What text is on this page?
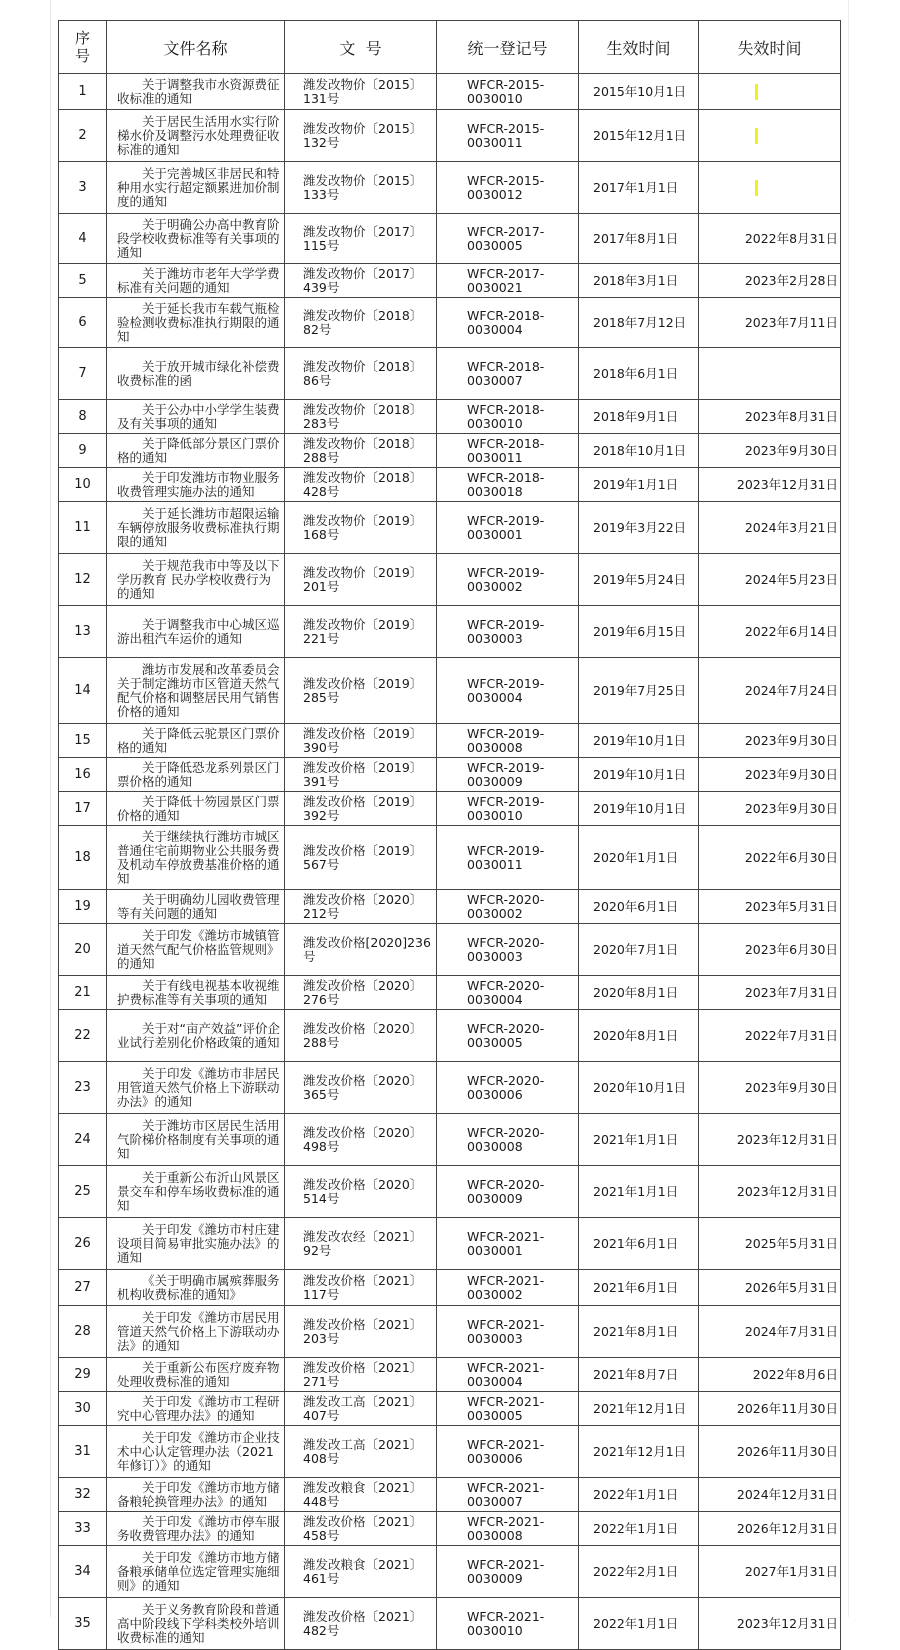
序号	文件名称	文  号	统一登记号	生效时间	失效时间
1	关于调整我市水资源费征收标准的通知	潍发改物价〔2015〕131号	WFCR-2015-0030010	2015年10月1日	
2	关于居民生活用水实行阶梯水价及调整污水处理费征收标准的通知	潍发改物价〔2015〕132号	WFCR-2015-0030011	2015年12月1日	
3	关于完善城区非居民和特种用水实行超定额累进加价制度的通知	潍发改物价〔2015〕133号	WFCR-2015-0030012	2017年1月1日	
4	关于明确公办高中教育阶段学校收费标准等有关事项的通知	潍发改物价〔2017〕115号	WFCR-2017-0030005	2017年8月1日	2022年8月31日
5	关于潍坊市老年大学学费标准有关问题的通知	潍发改物价〔2017〕439号	WFCR-2017-0030021	2018年3月1日	2023年2月28日
6	关于延长我市车载气瓶检验检测收费标准执行期限的通知	潍发改物价〔2018〕82号	WFCR-2018-0030004	2018年7月12日	2023年7月11日
7	关于放开城市绿化补偿费收费标准的函	潍发改物价〔2018〕86号	WFCR-2018-0030007	2018年6月1日	
8	关于公办中小学学生装费及有关事项的通知	潍发改物价〔2018〕283号	WFCR-2018-0030010	2018年9月1日	2023年8月31日
9	关于降低部分景区门票价格的通知	潍发改物价〔2018〕288号	WFCR-2018-0030011	2018年10月1日	2023年9月30日
10	关于印发潍坊市物业服务收费管理实施办法的通知	潍发改物价〔2018〕428号	WFCR-2018-0030018	2019年1月1日	2023年12月31日
11	关于延长潍坊市超限运输车辆停放服务收费标准执行期限的通知	潍发改物价〔2019〕168号	WFCR-2019-0030001	2019年3月22日	2024年3月21日
12	关于规范我市中等及以下学历教育 民办学校收费行为的通知	潍发改物价〔2019〕201号	WFCR-2019-0030002	2019年5月24日	2024年5月23日
13	关于调整我市中心城区巡游出租汽车运价的通知	潍发改物价〔2019〕221号	WFCR-2019-0030003	2019年6月15日	2022年6月14日
14	潍坊市发展和改革委员会关于制定潍坊市区管道天然气配气价格和调整居民用气销售价格的通知	潍发改价格〔2019〕285号	WFCR-2019-0030004	2019年7月25日	2024年7月24日
15	关于降低云驼景区门票价格的通知	潍发改价格〔2019〕390号	WFCR-2019-0030008	2019年10月1日	2023年9月30日
16	关于降低恐龙系列景区门票价格的通知	潍发改价格〔2019〕391号	WFCR-2019-0030009	2019年10月1日	2023年9月30日
17	关于降低十笏园景区门票价格的通知	潍发改价格〔2019〕392号	WFCR-2019-0030010	2019年10月1日	2023年9月30日
18	关于继续执行潍坊市城区普通住宅前期物业公共服务费及机动车停放费基准价格的通知	潍发改价格〔2019〕567号	WFCR-2019-0030011	2020年1月1日	2022年6月30日
19	关于明确幼儿园收费管理等有关问题的通知	潍发改价格〔2020〕212号	WFCR-2020-0030002	2020年6月1日	2023年5月31日
20	关于印发《潍坊市城镇管道天然气配气价格监管规则》的通知	潍发改价格[2020]236号	WFCR-2020-0030003	2020年7月1日	2023年6月30日
21	关于有线电视基本收视维护费标准等有关事项的通知	潍发改价格〔2020〕276号	WFCR-2020-0030004	2020年8月1日	2023年7月31日
22	关于对“亩产效益”评价企业试行差别化价格政策的通知	潍发改价格〔2020〕288号	WFCR-2020-0030005	2020年8月1日	2022年7月31日
23	关于印发《潍坊市非居民用管道天然气价格上下游联动办法》的通知	潍发改价格〔2020〕365号	WFCR-2020-0030006	2020年10月1日	2023年9月30日
24	关于潍坊市区居民生活用气阶梯价格制度有关事项的通知	潍发改价格〔2020〕498号	WFCR-2020-0030008	2021年1月1日	2023年12月31日
25	关于重新公布沂山风景区景交车和停车场收费标准的通知	潍发改价格〔2020〕514号	WFCR-2020-0030009	2021年1月1日	2023年12月31日
26	关于印发《潍坊市村庄建设项目简易审批实施办法》的通知	潍发改农经〔2021〕92号	WFCR-2021-0030001	2021年6月1日	2025年5月31日
27	《关于明确市属殡葬服务机构收费标准的通知》	潍发改价格〔2021〕117号	WFCR-2021-0030002	2021年6月1日	2026年5月31日
28	关于印发《潍坊市居民用管道天然气价格上下游联动办法》的通知	潍发改价格〔2021〕203号	WFCR-2021-0030003	2021年8月1日	2024年7月31日
29	关于重新公布医疗废弃物处理收费标准的通知	潍发改价格〔2021〕271号	WFCR-2021-0030004	2021年8月7日	2022年8月6日
30	关于印发《潍坊市工程研究中心管理办法》的通知	潍发改工高〔2021〕407号	WFCR-2021-0030005	2021年12月1日	2026年11月30日
31	关于印发《潍坊市企业技术中心认定管理办法（2021年修订）》的通知	潍发改工高〔2021〕408号	WFCR-2021-0030006	2021年12月1日	2026年11月30日
32	关于印发《潍坊市地方储备粮轮换管理办法》的通知	潍发改粮食〔2021〕448号	WFCR-2021-0030007	2022年1月1日	2024年12月31日
33	关于印发《潍坊市停车服务收费管理办法》的通知	潍发改价格〔2021〕458号	WFCR-2021-0030008	2022年1月1日	2026年12月31日
34	关于印发《潍坊市地方储备粮承储单位选定管理实施细则》的通知	潍发改粮食〔2021〕461号	WFCR-2021-0030009	2022年2月1日	2027年1月31日
35	关于义务教育阶段和普通高中阶段线下学科类校外培训收费标准的通知	潍发改价格〔2021〕482号	WFCR-2021-0030010	2022年1月1日	2023年12月31日
